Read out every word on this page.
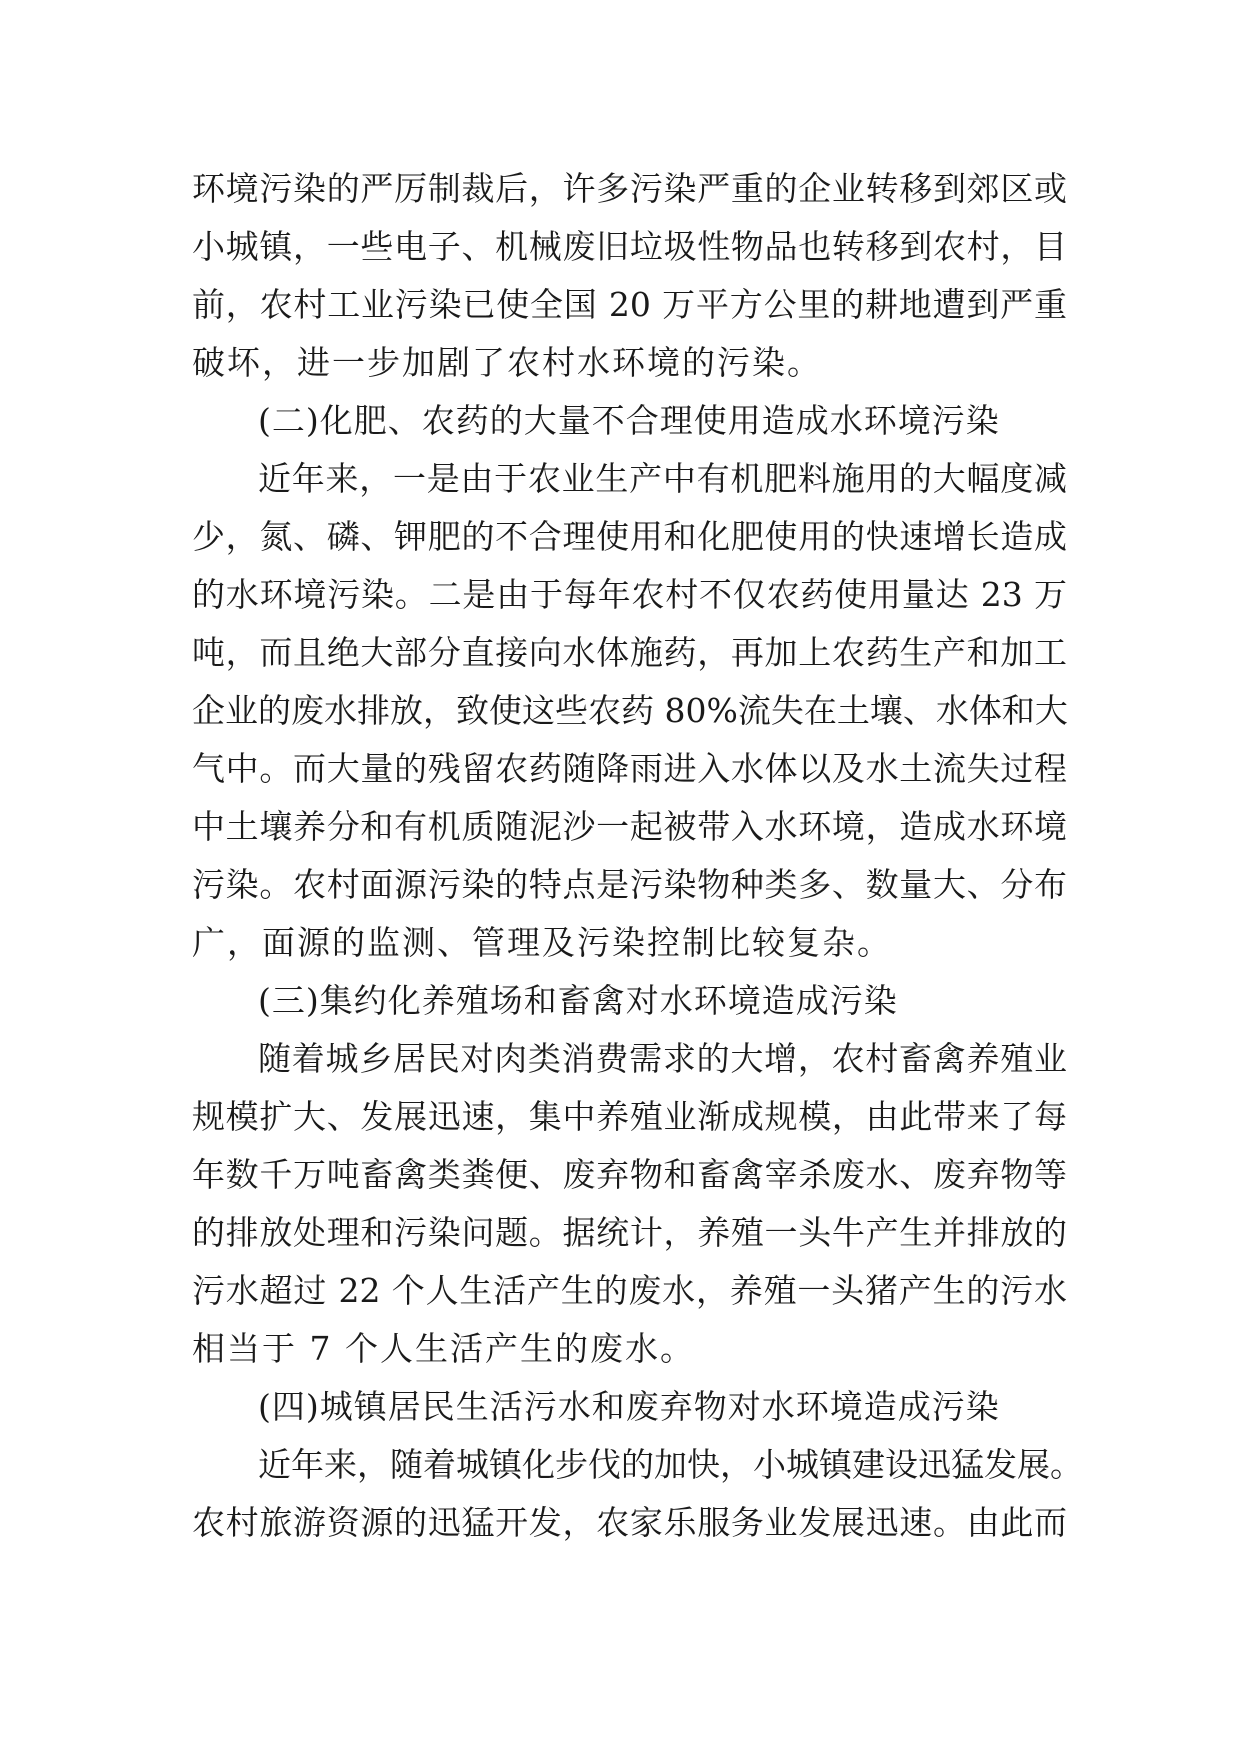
环境污染的严厉制裁后，许多污染严重的企业转移到郊区或
小城镇，一些电子、机械废旧垃圾性物品也转移到农村，目
前，农村工业污染已使全国 20 万平方公里的耕地遭到严重
破坏，进一步加剧了农村水环境的污染。
(二)化肥、农药的大量不合理使用造成水环境污染
近年来，一是由于农业生产中有机肥料施用的大幅度减
少，氮、磷、钾肥的不合理使用和化肥使用的快速增长造成
的水环境污染。二是由于每年农村不仅农药使用量达 23 万
吨，而且绝大部分直接向水体施药，再加上农药生产和加工
企业的废水排放，致使这些农药 80%流失在土壤、水体和大
气中。而大量的残留农药随降雨进入水体以及水土流失过程
中土壤养分和有机质随泥沙一起被带入水环境，造成水环境
污染。农村面源污染的特点是污染物种类多、数量大、分布
广，面源的监测、管理及污染控制比较复杂。
(三)集约化养殖场和畜禽对水环境造成污染
随着城乡居民对肉类消费需求的大增，农村畜禽养殖业
规模扩大、发展迅速，集中养殖业渐成规模，由此带来了每
年数千万吨畜禽类粪便、废弃物和畜禽宰杀废水、废弃物等
的排放处理和污染问题。据统计，养殖一头牛产生并排放的
污水超过 22 个人生活产生的废水，养殖一头猪产生的污水
相当于 7 个人生活产生的废水。
(四)城镇居民生活污水和废弃物对水环境造成污染
近年来，随着城镇化步伐的加快，小城镇建设迅猛发展。
农村旅游资源的迅猛开发，农家乐服务业发展迅速。由此而
